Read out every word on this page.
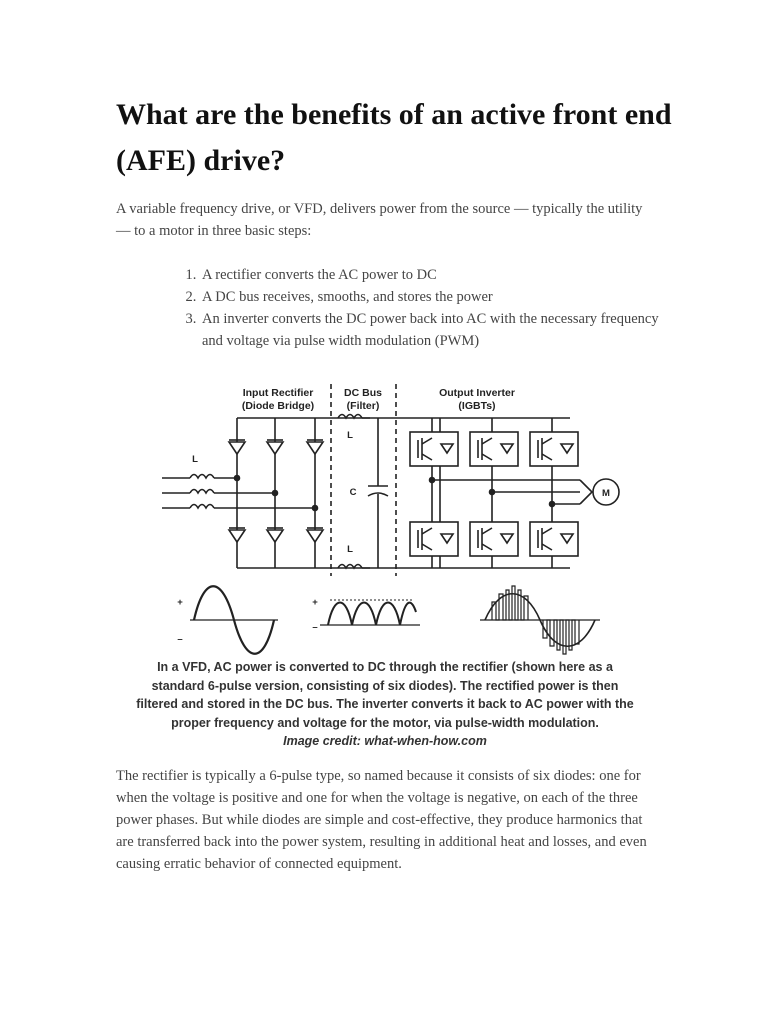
What are the benefits of an active front end (AFE) drive?

A variable frequency drive, or VFD, delivers power from the source — typically the utility — to a motor in three basic steps:

1. A rectifier converts the AC power to DC
2. A DC bus receives, smooths, and stores the power
3. An inverter converts the DC power back into AC with the necessary frequency and voltage via pulse width modulation (PWM)
Input Rectifier
(Diode Bridge)
DC Bus
(Filter)
Output Inverter
(IGBTs)
L
L
L
C	M
+
–
+
–
In a VFD, AC power is converted to DC through the rectifier (shown here as a
standard 6-pulse version, consisting of six diodes). The rectified power is then
filtered and stored in the DC bus. The inverter converts it back to AC power with the
proper frequency and voltage for the motor, via pulse-width modulation.
Image credit: what-when-how.com

The rectifier is typically a 6-pulse type, so named because it consists of six diodes: one for when the voltage is positive and one for when the voltage is negative, on each of the three power phases. But while diodes are simple and cost-effective, they produce harmonics that are transferred back into the power system, resulting in additional heat and losses, and even causing erratic behavior of connected equipment.
